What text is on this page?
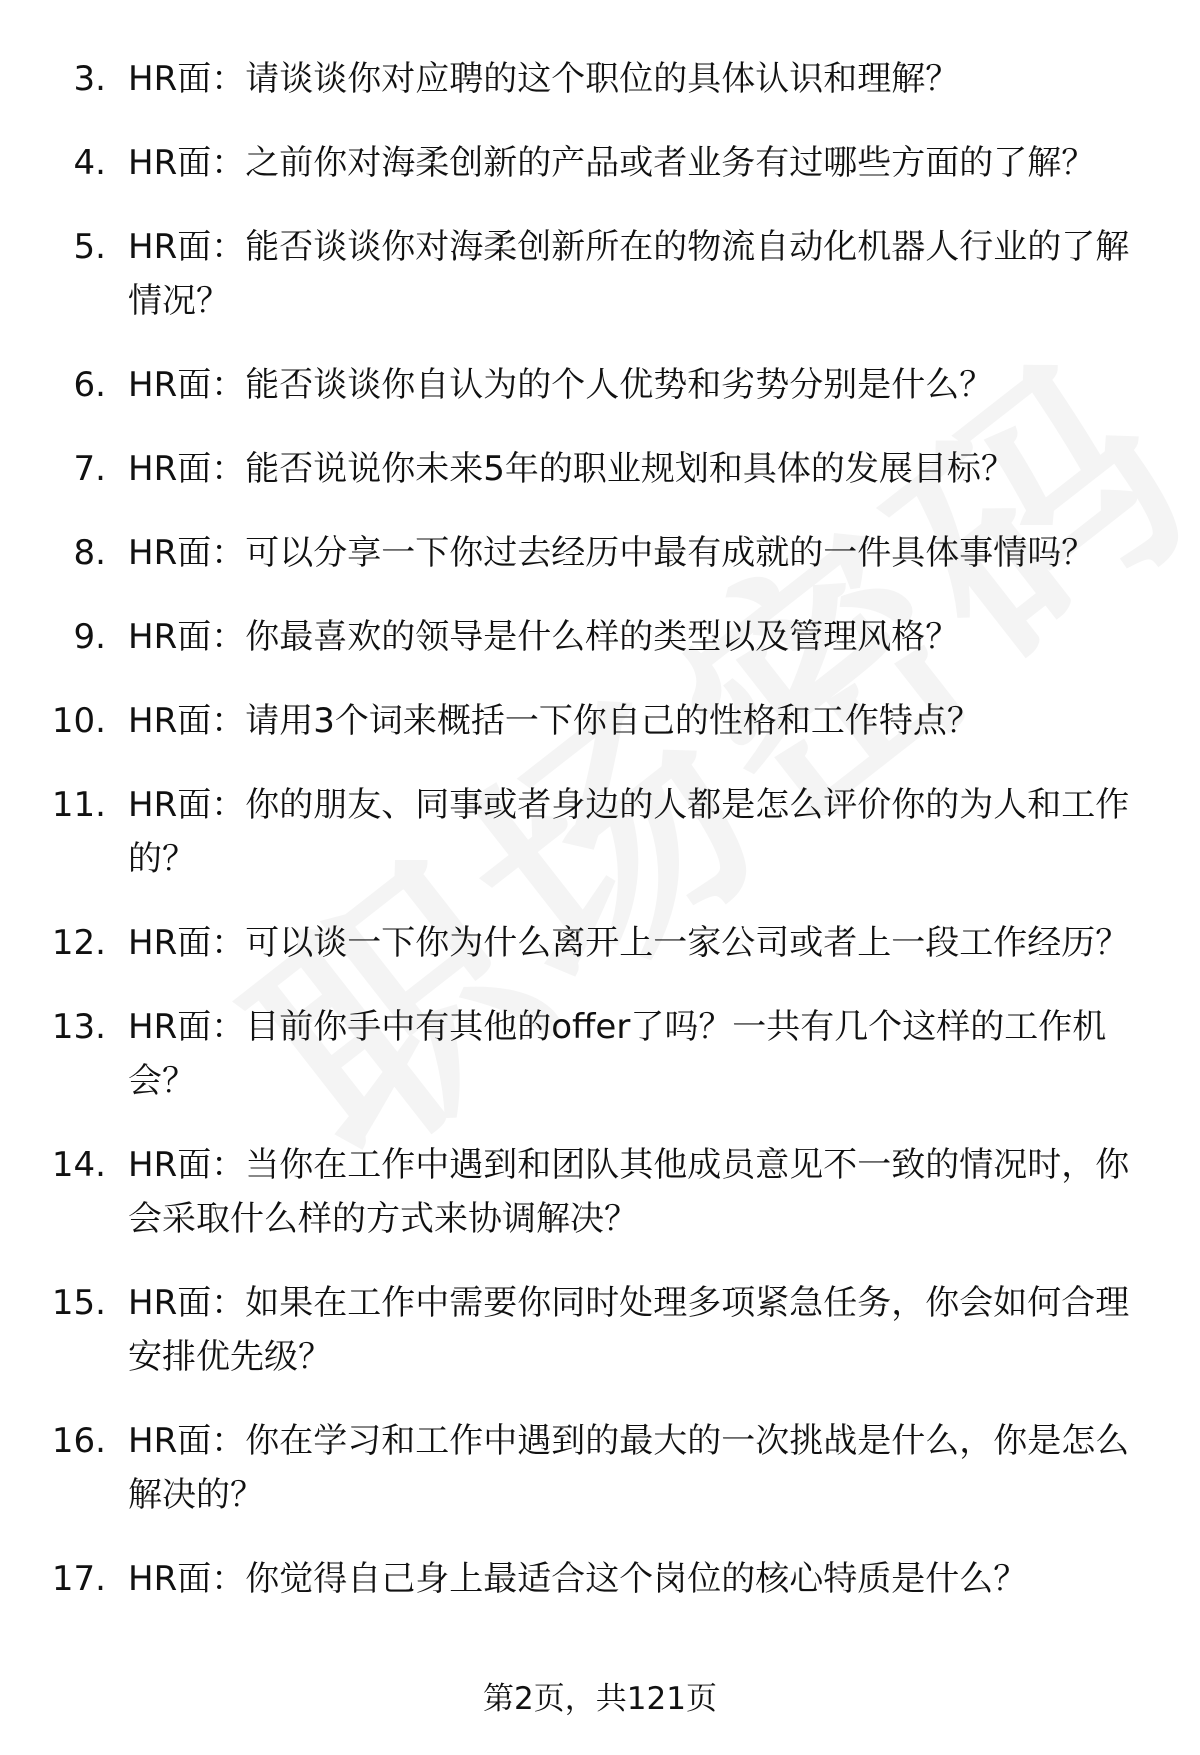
3. HR面：请谈谈你对应聘的这个职位的具体认识和理解？
4. HR面：之前你对海柔创新的产品或者业务有过哪些方面的了解？
5. HR面：能否谈谈你对海柔创新所在的物流自动化机器人行业的了解情况？
6. HR面：能否谈谈你自认为的个人优势和劣势分别是什么？
7. HR面：能否说说你未来5年的职业规划和具体的发展目标？
8. HR面：可以分享一下你过去经历中最有成就的一件具体事情吗？
9. HR面：你最喜欢的领导是什么样的类型以及管理风格？
10. HR面：请用3个词来概括一下你自己的性格和工作特点？
11. HR面：你的朋友、同事或者身边的人都是怎么评价你的为人和工作的？
12. HR面：可以谈一下你为什么离开上一家公司或者上一段工作经历？
13. HR面：目前你手中有其他的offer了吗？一共有几个这样的工作机会？
14. HR面：当你在工作中遇到和团队其他成员意见不一致的情况时，你会采取什么样的方式来协调解决？
15. HR面：如果在工作中需要你同时处理多项紧急任务，你会如何合理安排优先级？
16. HR面：你在学习和工作中遇到的最大的一次挑战是什么，你是怎么解决的？
17. HR面：你觉得自己身上最适合这个岗位的核心特质是什么？
第2页，共121页
